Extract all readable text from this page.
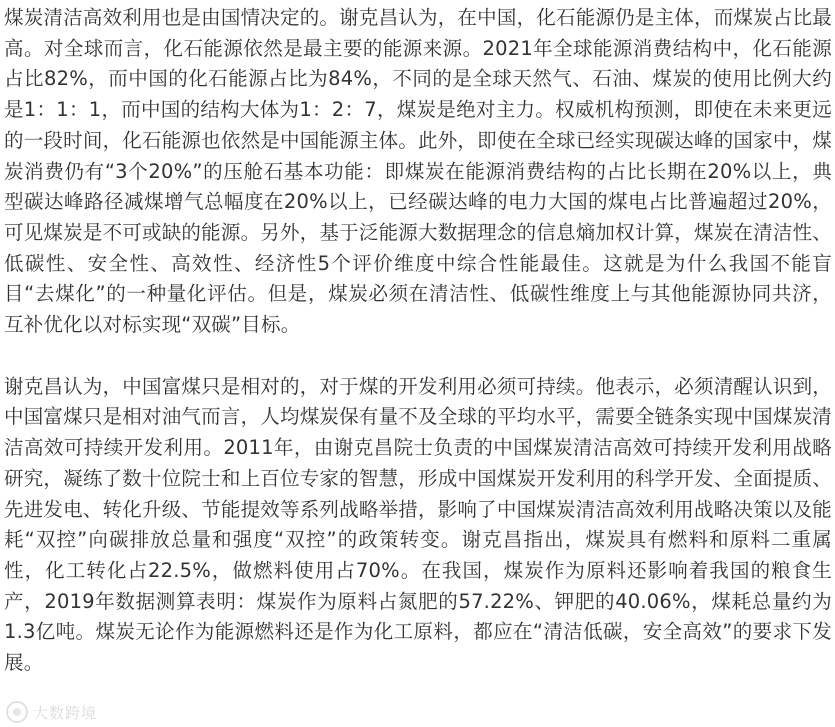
煤炭清洁高效利用也是由国情决定的。谢克昌认为，在中国，化石能源仍是主体，而煤炭占比最高。对全球而言，化石能源依然是最主要的能源来源。2021年全球能源消费结构中，化石能源占比82%，而中国的化石能源占比为84%，不同的是全球天然气、石油、煤炭的使用比例大约是1：1：1，而中国的结构大体为1：2：7，煤炭是绝对主力。权威机构预测，即使在未来更远的一段时间，化石能源也依然是中国能源主体。此外，即使在全球已经实现碳达峰的国家中，煤炭消费仍有“3个20%”的压舱石基本功能：即煤炭在能源消费结构的占比长期在20%以上，典型碳达峰路径减煤增气总幅度在20%以上，已经碳达峰的电力大国的煤电占比普遍超过20%，可见煤炭是不可或缺的能源。另外，基于泛能源大数据理念的信息熵加权计算，煤炭在清洁性、低碳性、安全性、高效性、经济性5个评价维度中综合性能最佳。这就是为什么我国不能盲目“去煤化”的一种量化评估。但是，煤炭必须在清洁性、低碳性维度上与其他能源协同共济，互补优化以对标实现“双碳”目标。

谢克昌认为，中国富煤只是相对的，对于煤的开发利用必须可持续。他表示，必须清醒认识到，中国富煤只是相对油气而言，人均煤炭保有量不及全球的平均水平，需要全链条实现中国煤炭清洁高效可持续开发利用。2011年，由谢克昌院士负责的中国煤炭清洁高效可持续开发利用战略研究，凝练了数十位院士和上百位专家的智慧，形成中国煤炭开发利用的科学开发、全面提质、先进发电、转化升级、节能提效等系列战略举措，影响了中国煤炭清洁高效利用战略决策以及能耗“双控”向碳排放总量和强度“双控”的政策转变。谢克昌指出，煤炭具有燃料和原料二重属性，化工转化占22.5%，做燃料使用占70%。在我国，煤炭作为原料还影响着我国的粮食生产，2019年数据测算表明：煤炭作为原料占氮肥的57.22%、钾肥的40.06%，煤耗总量约为1.3亿吨。煤炭无论作为能源燃料还是作为化工原料，都应在“清洁低碳，安全高效”的要求下发展。

大数跨境
